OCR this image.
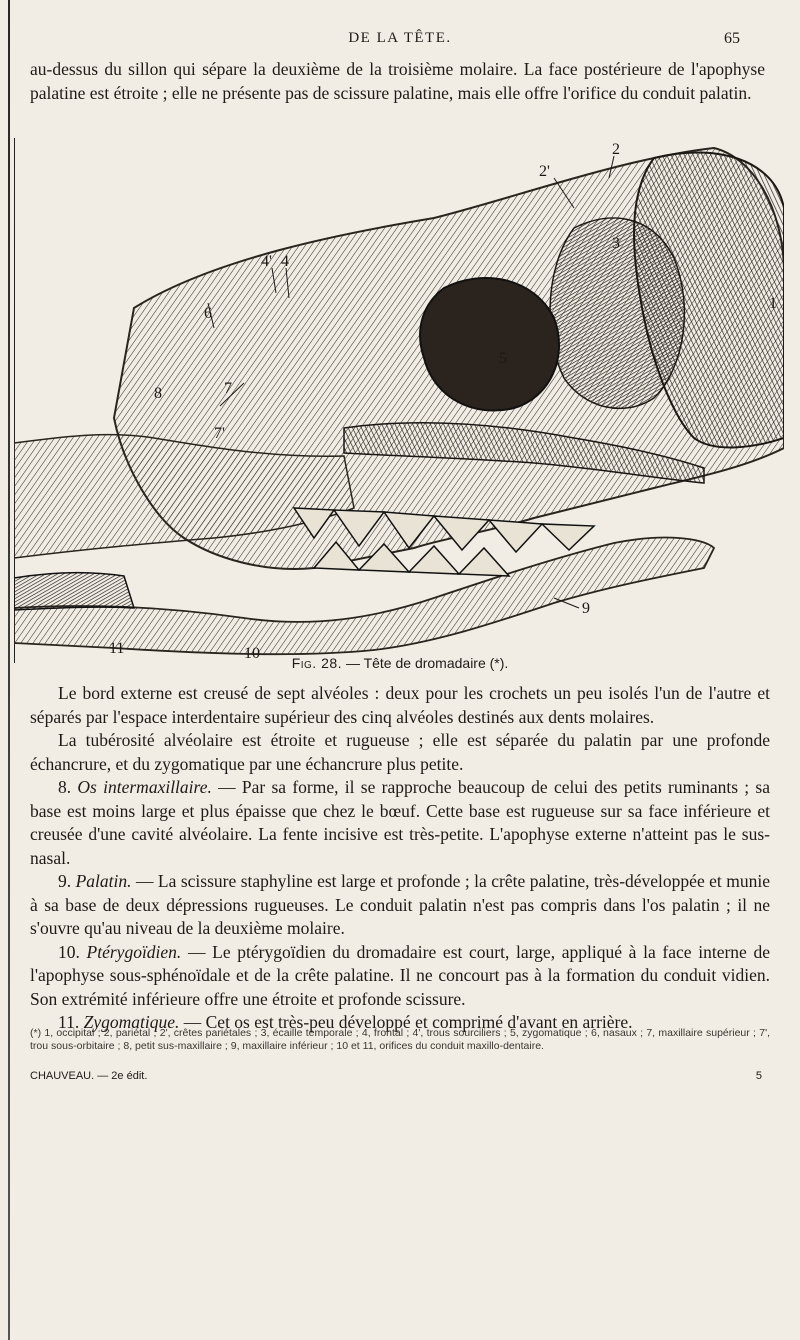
DE LA TÊTE.	65

au-dessus du sillon qui sépare la deuxième de la troisième molaire. La face postérieure de l'apophyse palatine est étroite ; elle ne présente pas de scissure palatine, mais elle offre l'orifice du conduit palatin.

2
2'
4
4'
3
1
6
5
7
7'
8
9
10
11
Fig. 28. — Tête de dromadaire (*).

Le bord externe est creusé de sept alvéoles : deux pour les crochets un peu isolés l'un de l'autre et séparés par l'espace interdentaire supérieur des cinq alvéoles destinés aux dents molaires.

La tubérosité alvéolaire est étroite et rugueuse ; elle est séparée du palatin par une profonde échancrure, et du zygomatique par une échancrure plus petite.

8. Os intermaxillaire. — Par sa forme, il se rapproche beaucoup de celui des petits ruminants ; sa base est moins large et plus épaisse que chez le bœuf. Cette base est rugueuse sur sa face inférieure et creusée d'une cavité alvéolaire. La fente incisive est très-petite. L'apophyse externe n'atteint pas le sus-nasal.

9. Palatin. — La scissure staphyline est large et profonde ; la crête palatine, très-développée et munie à sa base de deux dépressions rugueuses. Le conduit palatin n'est pas compris dans l'os palatin ; il ne s'ouvre qu'au niveau de la deuxième molaire.

10. Ptérygoïdien. — Le ptérygoïdien du dromadaire est court, large, appliqué à la face interne de l'apophyse sous-sphénoïdale et de la crête palatine. Il ne concourt pas à la formation du conduit vidien. Son extrémité inférieure offre une étroite et profonde scissure.

11. Zygomatique. — Cet os est très-peu développé et comprimé d'avant en arrière.

(*) 1, occipital ; 2, pariétal ; 2', crêtes pariétales ; 3, écaille temporale ; 4, frontal ; 4', trous sourciliers ; 5, zygomatique ; 6, nasaux ; 7, maxillaire supérieur ; 7', trou sous-orbitaire ; 8, petit sus-maxillaire ; 9, maxillaire inférieur ; 10 et 11, orifices du conduit maxillo-dentaire.
CHAUVEAU. — 2e édit.	5
